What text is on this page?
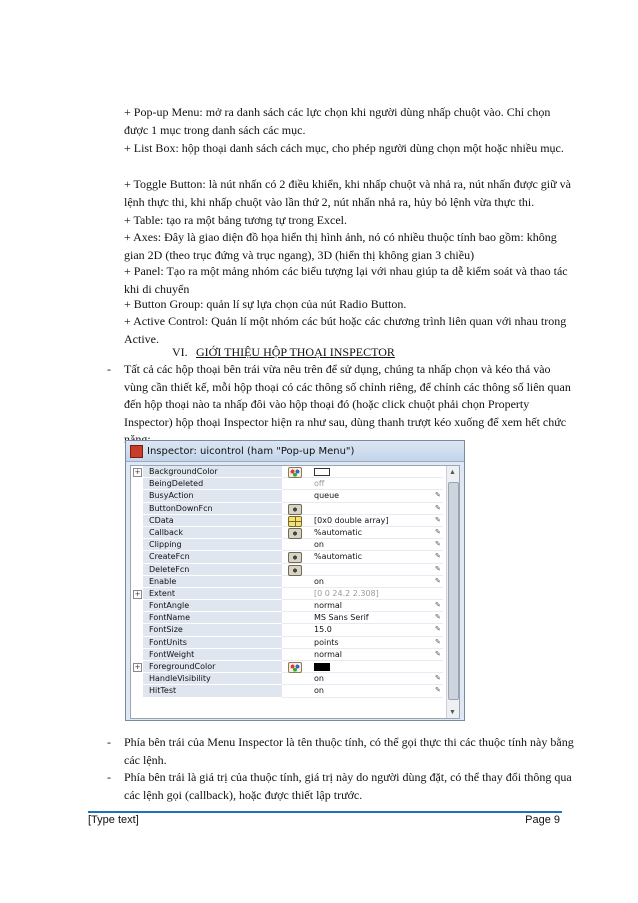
+ Pop-up Menu: mở ra danh sách các lực chọn khi người dùng nhấp chuột vào. Chỉ chọn được 1 mục trong danh sách các mục.
+ List Box: hộp thoại danh sách cách mục, cho phép người dùng chọn một hoặc nhiều mục.
+ Toggle Button: là nút nhấn có 2 điều khiển, khi nhấp chuột và nhả ra, nút nhấn được giữ và lệnh thực thi, khi nhấp chuột vào lần thứ 2, nút nhấn nhả ra, hủy bỏ lệnh vừa thực thi.
+ Table: tạo ra một bảng tương tự trong Excel.
+ Axes: Đây là giao diện đồ họa hiển thị hình ảnh, nó có nhiều thuộc tính bao gồm: không gian 2D (theo trục đứng và trục ngang), 3D (hiển thị không gian 3 chiều)
+ Panel: Tạo ra một mảng nhóm các biểu tượng lại với nhau giúp ta dễ kiểm soát và thao tác khi di chuyển
+ Button Group: quản lí sự lựa chọn của nút Radio Button.
+ Active Control: Quản lí một nhóm các bút hoặc các chương trình liên quan với nhau trong Active.
VI. GIỚI THIỆU HỘP THOẠI INSPECTOR
- Tất cả các hộp thoại bên trái vừa nêu trên để sử dụng, chúng ta nhấp chọn và kéo thả vào vùng cần thiết kế, mỗi hộp thoại có các thông số chỉnh riêng, để chỉnh các thông số liên quan đến hộp thoại nào ta nhấp đôi vào hộp thoại đó (hoặc click chuột phải chọn Property Inspector) hộp thoại Inspector hiện ra như sau, dùng thanh trượt kéo xuống để xem hết chức
Inspector: uicontrol (ham "Pop-up Menu")
+	BackgroundColor
BeingDeleted	off
BusyAction	queue	✎
ButtonDownFcn	✎
CData	[0x0 double array]	✎
Callback	%automatic	✎
Clipping	on	✎
CreateFcn	%automatic	✎
DeleteFcn	✎
Enable	on	✎
+	Extent	[0 0 24.2 2.308]
FontAngle	normal	✎
FontName	MS Sans Serif	✎
FontSize	15.0	✎
FontUnits	points	✎
FontWeight	normal	✎
+	ForegroundColor
HandleVisibility	on	✎
HitTest	on	✎
▲
▼
- Phía bên trái của Menu Inspector là tên thuộc tính, có thể gọi thực thi các thuộc tính này bằng các lệnh.
- Phía bên trái là giá trị của thuộc tính, giá trị này do người dùng đặt, có thể thay đổi thông qua các lệnh gọi (callback), hoặc được thiết lập trước.
[Type text]	Page 9
